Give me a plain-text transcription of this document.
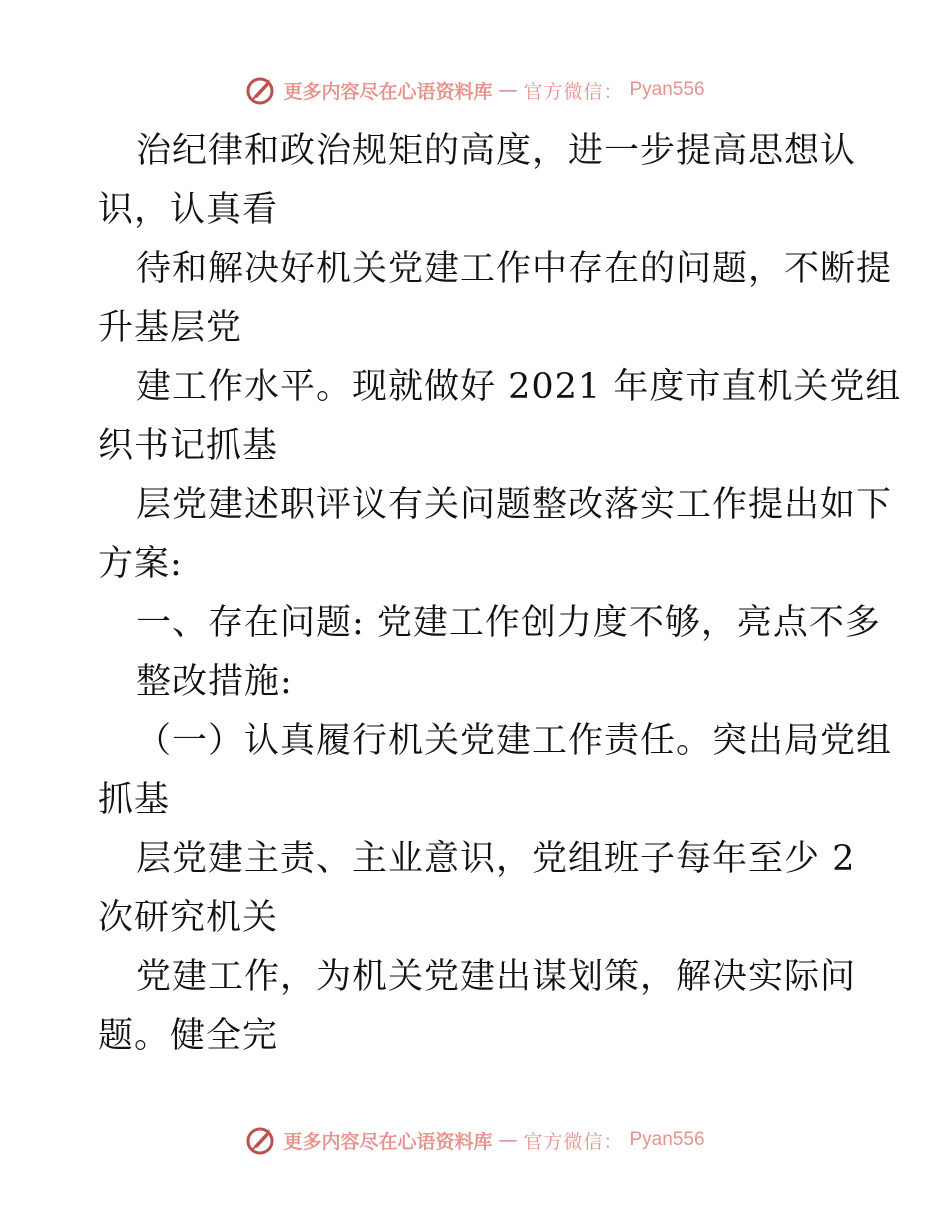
更多内容尽在心语资料库 — 官方微信： Pyan556
治纪律和政治规矩的高度，进一步提高思想认
识，认真看
待和解决好机关党建工作中存在的问题，不断提
升基层党
建工作水平。现就做好 2021 年度市直机关党组
织书记抓基
层党建述职评议有关问题整改落实工作提出如下
方案:
一、存在问题: 党建工作创力度不够，亮点不多
整改措施:
（一）认真履行机关党建工作责任。突出局党组
抓基
层党建主责、主业意识，党组班子每年至少 2
次研究机关
党建工作，为机关党建出谋划策，解决实际问
题。健全完
更多内容尽在心语资料库 — 官方微信： Pyan556
